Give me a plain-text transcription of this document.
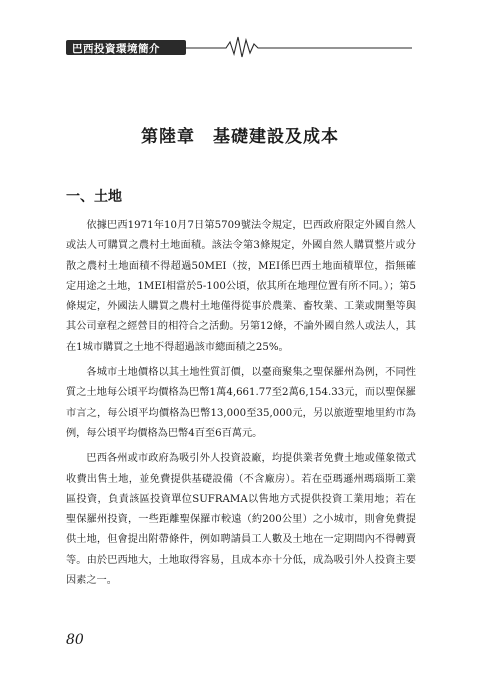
巴西投資環境簡介
第陸章　基礎建設及成本
一、土地

依據巴西1971年10月7日第5709號法令規定，巴西政府限定外國自然人或法人可購買之農村土地面積。該法令第3條規定，外國自然人購買整片或分散之農村土地面積不得超過50MEI（按，MEI係巴西土地面積單位，指無確定用途之土地，1MEI相當於5-100公頃，依其所在地理位置有所不同。）；第5條規定，外國法人購買之農村土地僅得從事於農業、畜牧業、工業或開墾等與其公司章程之經營目的相符合之活動。另第12條，不論外國自然人或法人，其在1城市購買之土地不得超過該市總面積之25%。

各城市土地價格以其土地性質訂價，以臺商聚集之聖保羅州為例，不同性質之土地每公頃平均價格為巴幣1萬4,661.77至2萬6,154.33元，而以聖保羅市言之，每公頃平均價格為巴幣13,000至35,000元，另以旅遊聖地里約市為例，每公頃平均價格為巴幣4百至6百萬元。

巴西各州或市政府為吸引外人投資設廠，均提供業者免費土地或僅象徵式收費出售土地，並免費提供基礎設備（不含廠房）。若在亞瑪遜州瑪瑙斯工業區投資，負責該區投資單位SUFRAMA以售地方式提供投資工業用地；若在聖保羅州投資，一些距離聖保羅市較遠（約200公里）之小城市，則會免費提供土地，但會提出附帶條件，例如聘請員工人數及土地在一定期間內不得轉賣等。由於巴西地大，土地取得容易，且成本亦十分低，成為吸引外人投資主要因素之一。

80
